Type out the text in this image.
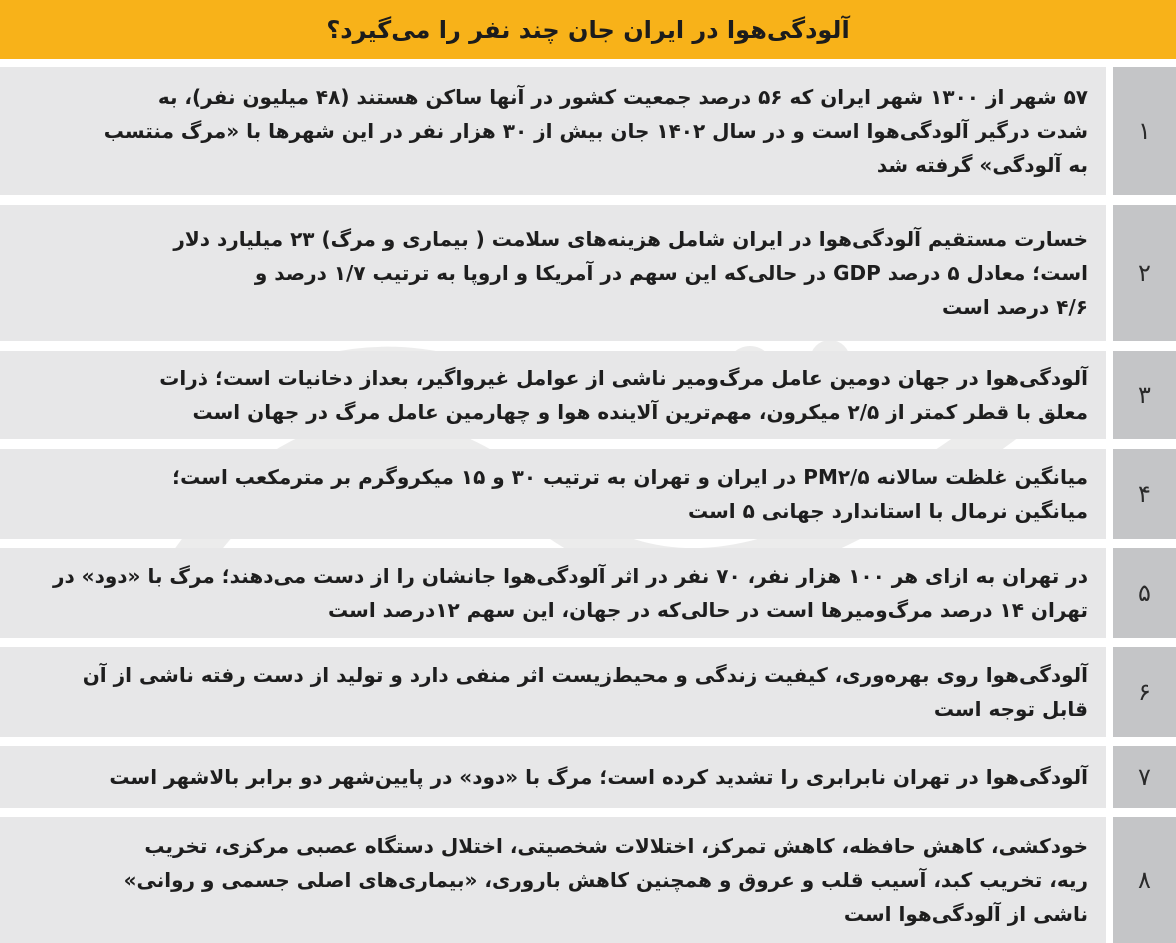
آلودگی‌هوا در ایران جان چند نفر را می‌گیرد؟
۵۷ شهر از ۱۳۰۰ شهر ایران که ۵۶ درصد جمعیت کشور در آنها ساکن هستند (۴۸ میلیون نفر)، به
شدت درگیر آلودگی‌هوا است و در سال ۱۴۰۲ جان بیش از ۳۰ هزار نفر در این شهرها با «مرگ منتسب
به آلودگی» گرفته شد
۱
خسارت مستقیم آلودگی‌هوا در ایران شامل هزینه‌های سلامت ( بیماری و مرگ) ۲۳ میلیارد دلار
است؛ معادل ۵ درصد GDP در حالی‌که این سهم در آمریکا و اروپا به ترتیب ۱/۷ درصد و
۴/۶ درصد است
۲
آلودگی‌هوا در جهان دومین عامل مرگ‌ومیر ناشی از عوامل غیرواگیر، بعداز دخانیات است؛ ذرات
معلق با قطر کمتر از ۲/۵ میکرون، مهم‌ترین آلاینده هوا و چهارمین عامل مرگ در جهان است
۳
میانگین غلظت سالانه PM۲/۵ در ایران و تهران به ترتیب ۳۰ و ۱۵ میکروگرم بر مترمکعب است؛
میانگین نرمال با استاندارد جهانی ۵ است
۴
در تهران به ازای هر ۱۰۰ هزار نفر، ۷۰ نفر در اثر آلودگی‌هوا جانشان را از دست می‌دهند؛ مرگ با «دود» در
تهران ۱۴ درصد مرگ‌ومیرها است در حالی‌که در جهان، این سهم ۱۲درصد است
۵
آلودگی‌هوا روی بهره‌وری، کیفیت زندگی و محیط‌زیست اثر منفی دارد و تولید از دست رفته ناشی از آن
قابل توجه است
۶
آلودگی‌هوا در تهران نابرابری را تشدید کرده است؛ مرگ با «دود» در پایین‌شهر دو برابر بالاشهر است	۷
خودکشی، کاهش حافظه، کاهش تمرکز، اختلالات شخصیتی، اختلال دستگاه عصبی مرکزی، تخریب
ریه، تخریب کبد، آسیب قلب و عروق و همچنین کاهش باروری، «بیماری‌های اصلی جسمی و روانی»
ناشی از آلودگی‌هوا است
۸
